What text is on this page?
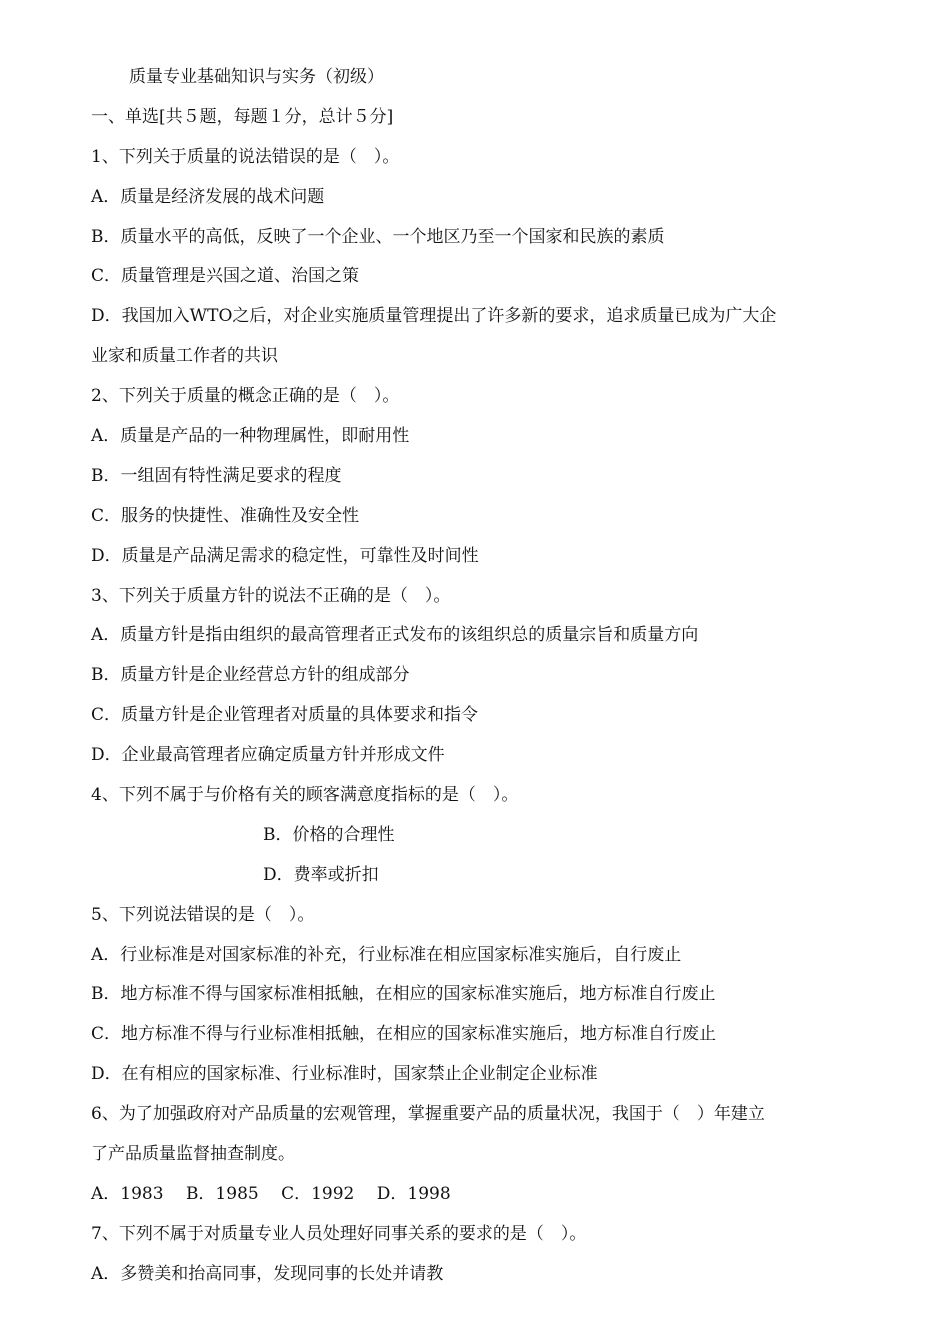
质量专业基础知识与实务（初级）
一、单选[共５题，每题１分，总计５分]
1、下列关于质量的说法错误的是（　）。
A．质量是经济发展的战术问题
B．质量水平的高低，反映了一个企业、一个地区乃至一个国家和民族的素质
C．质量管理是兴国之道、治国之策
D．我国加入WTO之后，对企业实施质量管理提出了许多新的要求，追求质量已成为广大企
业家和质量工作者的共识
2、下列关于质量的概念正确的是（　）。
A．质量是产品的一种物理属性，即耐用性
B．一组固有特性满足要求的程度
C．服务的快捷性、准确性及安全性
D．质量是产品满足需求的稳定性，可靠性及时间性
3、下列关于质量方针的说法不正确的是（　）。
A．质量方针是指由组织的最高管理者正式发布的该组织总的质量宗旨和质量方向
B．质量方针是企业经营总方针的组成部分
C．质量方针是企业管理者对质量的具体要求和指令
D．企业最高管理者应确定质量方针并形成文件
4、下列不属于与价格有关的顾客满意度指标的是（　）。

B．价格的合理性

D．费率或折扣

5、下列说法错误的是（　）。
A．行业标准是对国家标准的补充，行业标准在相应国家标准实施后，自行废止
B．地方标准不得与国家标准相抵触，在相应的国家标准实施后，地方标准自行废止
C．地方标准不得与行业标准相抵触，在相应的国家标准实施后，地方标准自行废止
D．在有相应的国家标准、行业标准时，国家禁止企业制定企业标准
6、为了加强政府对产品质量的宏观管理，掌握重要产品的质量状况，我国于（　）年建立
了产品质量监督抽查制度。
A．1983　 B．1985　 C．1992　 D．1998
7、下列不属于对质量专业人员处理好同事关系的要求的是（　）。
A．多赞美和抬高同事，发现同事的长处并请教
